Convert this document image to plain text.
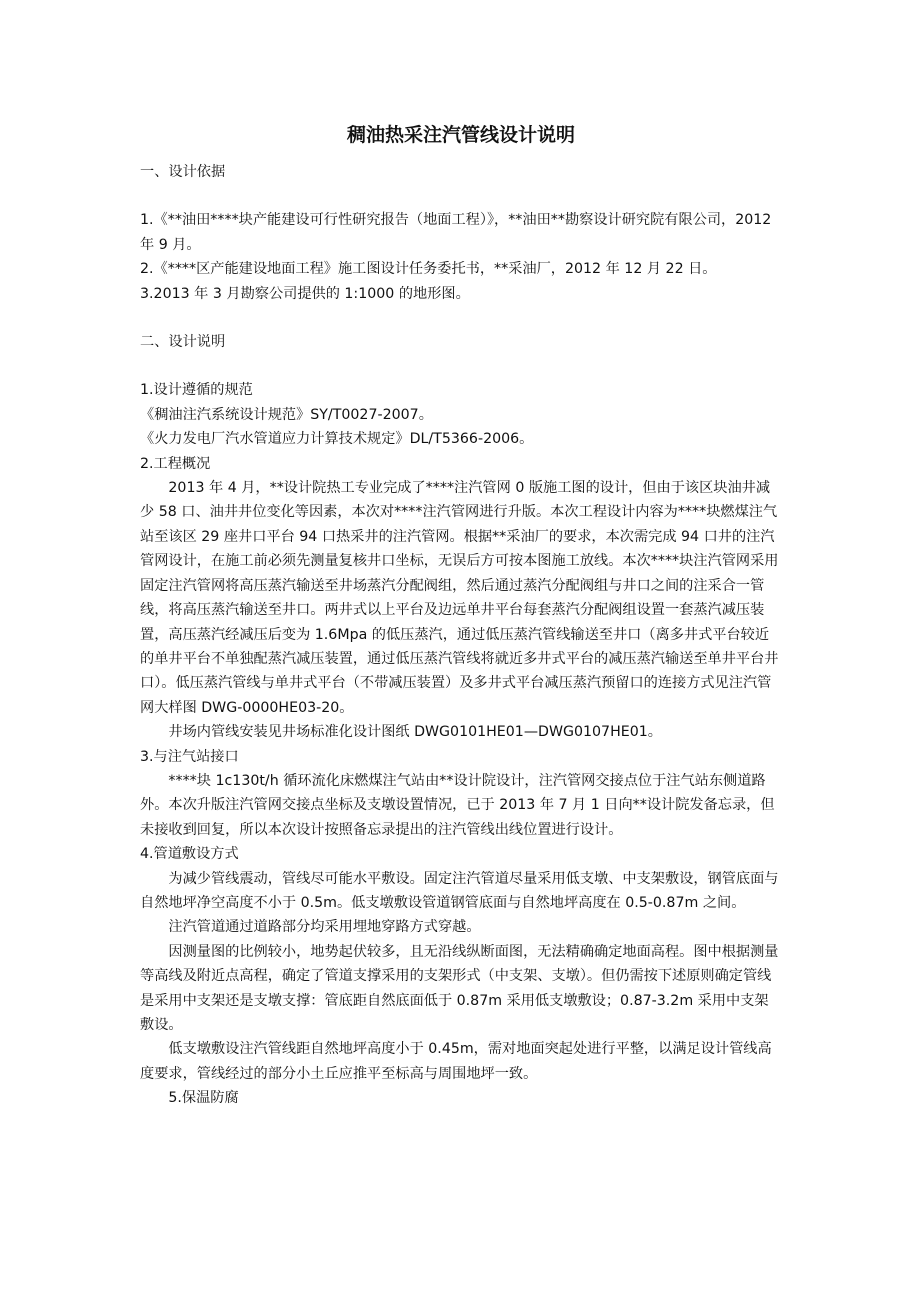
稠油热采注汽管线设计说明

一、设计依据

1.《**油田****块产能建设可行性研究报告（地面工程）》，**油田**勘察设计研究院有限公司，2012 年 9 月。

2.《****区产能建设地面工程》施工图设计任务委托书，**采油厂，2012 年 12 月 22 日。

3.2013 年 3 月勘察公司提供的 1:1000 的地形图。

二、设计说明

1.设计遵循的规范

《稠油注汽系统设计规范》SY/T0027-2007。

《火力发电厂汽水管道应力计算技术规定》DL/T5366-2006。

2.工程概况

2013 年 4 月，**设计院热工专业完成了****注汽管网 0 版施工图的设计，但由于该区块油井减少 58 口、油井井位变化等因素，本次对****注汽管网进行升版。本次工程设计内容为****块燃煤注气站至该区 29 座井口平台 94 口热采井的注汽管网。根据**采油厂的要求，本次需完成 94 口井的注汽管网设计，在施工前必须先测量复核井口坐标，无误后方可按本图施工放线。本次****块注汽管网采用固定注汽管网将高压蒸汽输送至井场蒸汽分配阀组，然后通过蒸汽分配阀组与井口之间的注采合一管线，将高压蒸汽输送至井口。两井式以上平台及边远单井平台每套蒸汽分配阀组设置一套蒸汽减压装置，高压蒸汽经减压后变为 1.6Mpa 的低压蒸汽，通过低压蒸汽管线输送至井口（离多井式平台较近的单井平台不单独配蒸汽减压装置，通过低压蒸汽管线将就近多井式平台的减压蒸汽输送至单井平台井口）。低压蒸汽管线与单井式平台（不带减压装置）及多井式平台减压蒸汽预留口的连接方式见注汽管网大样图 DWG-0000HE03-20。

井场内管线安装见井场标准化设计图纸 DWG0101HE01—DWG0107HE01。

3.与注气站接口

****块 1c130t/h 循环流化床燃煤注气站由**设计院设计，注汽管网交接点位于注气站东侧道路外。本次升版注汽管网交接点坐标及支墩设置情况，已于 2013 年 7 月 1 日向**设计院发备忘录，但未接收到回复，所以本次设计按照备忘录提出的注汽管线出线位置进行设计。

4.管道敷设方式

为减少管线震动，管线尽可能水平敷设。固定注汽管道尽量采用低支墩、中支架敷设，钢管底面与自然地坪净空高度不小于 0.5m。低支墩敷设管道钢管底面与自然地坪高度在 0.5-0.87m 之间。

注汽管道通过道路部分均采用埋地穿路方式穿越。

因测量图的比例较小，地势起伏较多，且无沿线纵断面图，无法精确确定地面高程。图中根据测量等高线及附近点高程，确定了管道支撑采用的支架形式（中支架、支墩）。但仍需按下述原则确定管线是采用中支架还是支墩支撑：管底距自然底面低于 0.87m 采用低支墩敷设；0.87-3.2m 采用中支架敷设。

低支墩敷设注汽管线距自然地坪高度小于 0.45m，需对地面突起处进行平整，以满足设计管线高度要求，管线经过的部分小土丘应推平至标高与周围地坪一致。

5.保温防腐
